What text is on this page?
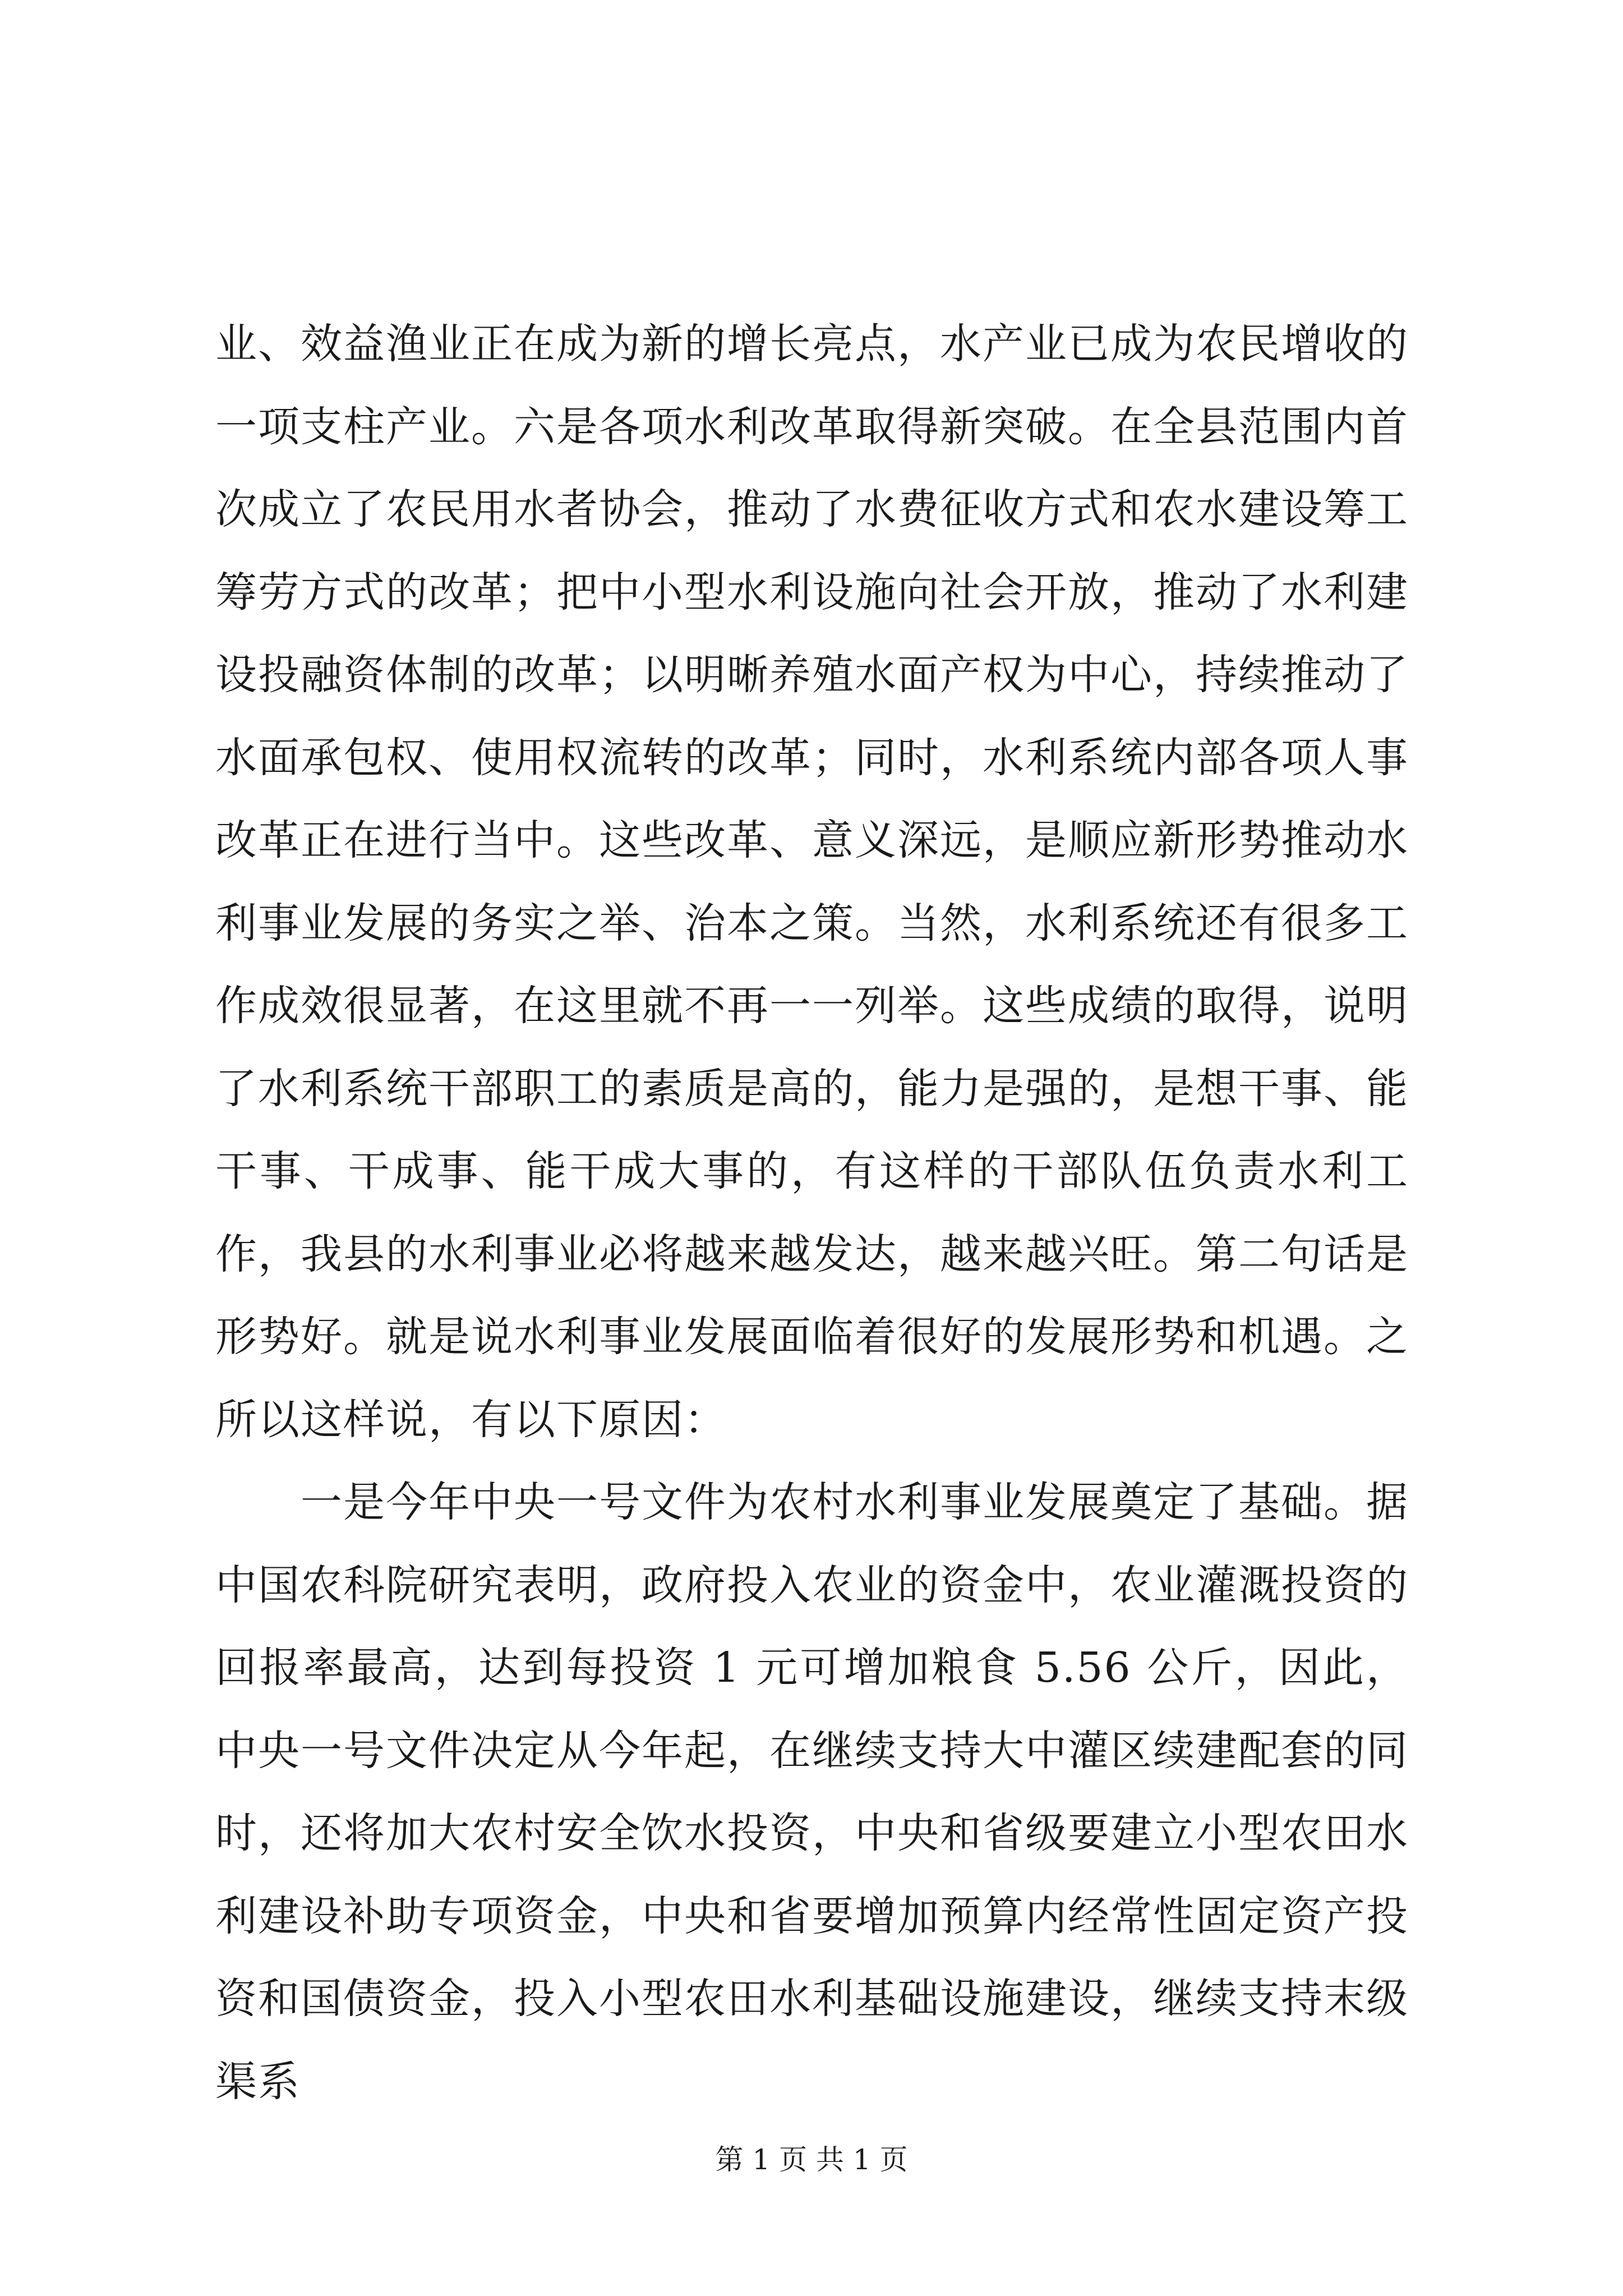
业、效益渔业正在成为新的增长亮点，水产业已成为农民增收的一项支柱产业。六是各项水利改革取得新突破。在全县范围内首次成立了农民用水者协会，推动了水费征收方式和农水建设筹工筹劳方式的改革；把中小型水利设施向社会开放，推动了水利建设投融资体制的改革；以明晰养殖水面产权为中心，持续推动了水面承包权、使用权流转的改革；同时，水利系统内部各项人事改革正在进行当中。这些改革、意义深远，是顺应新形势推动水利事业发展的务实之举、治本之策。当然，水利系统还有很多工作成效很显著，在这里就不再一一列举。这些成绩的取得，说明了水利系统干部职工的素质是高的，能力是强的，是想干事、能干事、干成事、能干成大事的，有这样的干部队伍负责水利工作，我县的水利事业必将越来越发达，越来越兴旺。第二句话是形势好。就是说水利事业发展面临着很好的发展形势和机遇。之所以这样说，有以下原因：

一是今年中央一号文件为农村水利事业发展奠定了基础。据中国农科院研究表明，政府投入农业的资金中，农业灌溉投资的回报率最高，达到每投资 1 元可增加粮食 5.56 公斤，因此，中央一号文件决定从今年起，在继续支持大中灌区续建配套的同时，还将加大农村安全饮水投资，中央和省级要建立小型农田水利建设补助专项资金，中央和省要增加预算内经常性固定资产投资和国债资金，投入小型农田水利基础设施建设，继续支持末级渠系

第 1 页 共 1 页
